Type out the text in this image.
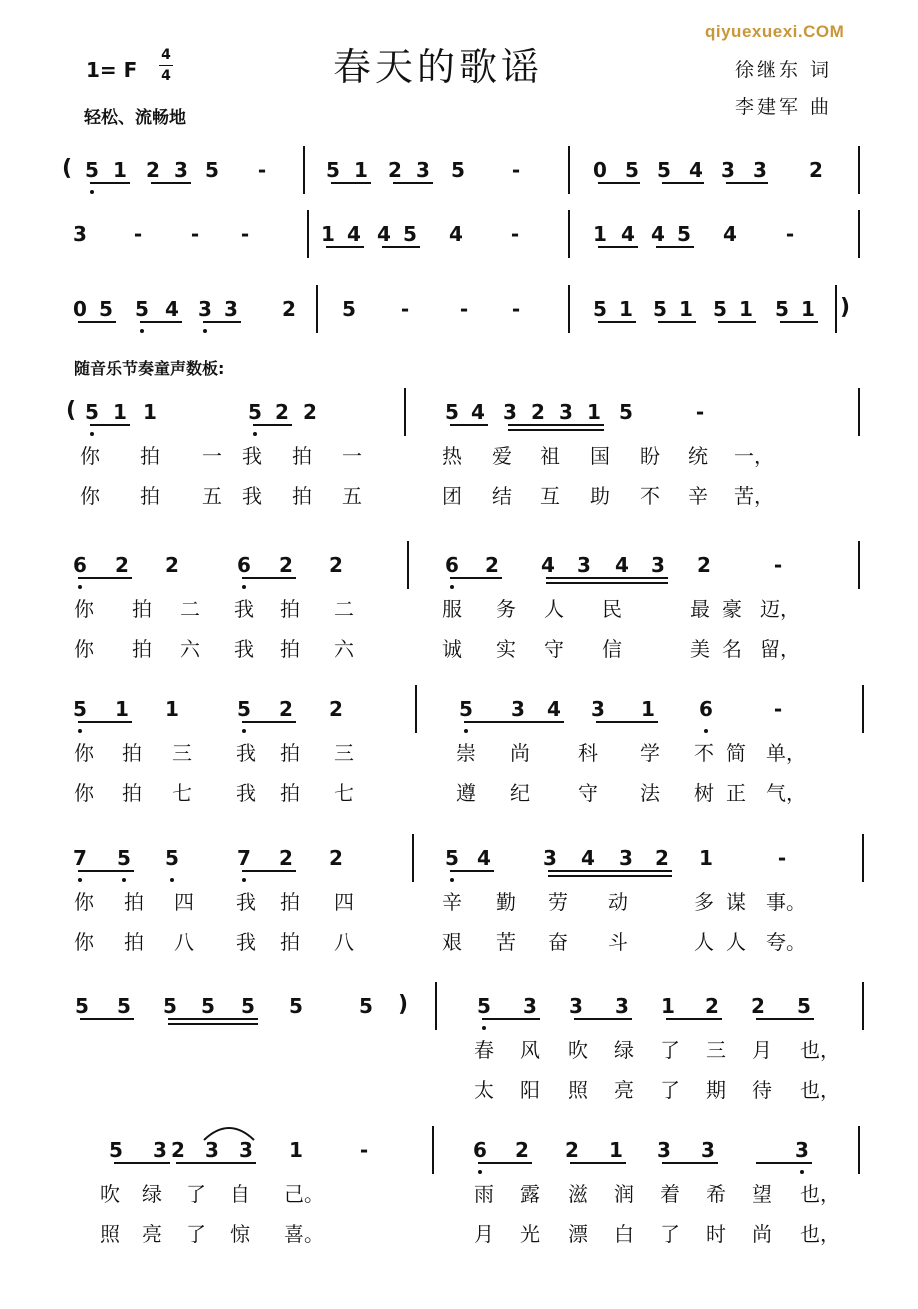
qiyuexuexi.COM
春天的歌谣
1= F
4
4
轻松、流畅地
徐继东 词
李建军 曲
随音乐节奏童声数板:
5 1 2 3 5 -	5 1 2 3 5 -	0 5 5 4 3 3 2
(
3 - - -	1 4 4 5 4 -	1 4 4 5 4 -
0 5 5 4 3 3 2 5 -	- -	5 1 5 1 5 1 5 1 )
5 1 1	5 2 2	5 4 3 2 3 1 5	-
(
你 拍 一 我 拍 一	热 爱 祖 国 盼 统 一，
你 拍 五 我 拍 五	团 结 互 助 不 辛 苦，
6 2 2	6 2 2	6 2 4 3 4 3 2	-
你 拍 二 我 拍 二	服 务 人 民	最 豪 迈，
你 拍 六 我 拍 六	诚 实 守 信	美 名 留，
5 1 1	5 2 2	5 3 4 3 1 6	-
你 拍 三 我 拍 三	崇 尚 科 学 不 简 单，
你 拍 七 我 拍 七	遵 纪 守 法 树 正 气，
7 5 5	7 2 2	5 4	3 4 3 2 1	-
你 拍 四 我 拍 四	辛 勤 劳 动	多 谋 事。
你 拍 八 我 拍 八	艰 苦 奋 斗	人 人 夸。
5 5 5 5 5 5	5	5 3 3 3 1 2 2 5
)
春 风 吹 绿 了 三 月 也，
太 阳 照 亮 了 期 待 也，
5 3 2 3 3 1	-	6 2 2 1 3 3	3
吹 绿 了 自 己。	雨 露 滋 润 着 希 望 也，
照 亮 了 惊 喜。	月 光 漂 白 了 时 尚 也，
